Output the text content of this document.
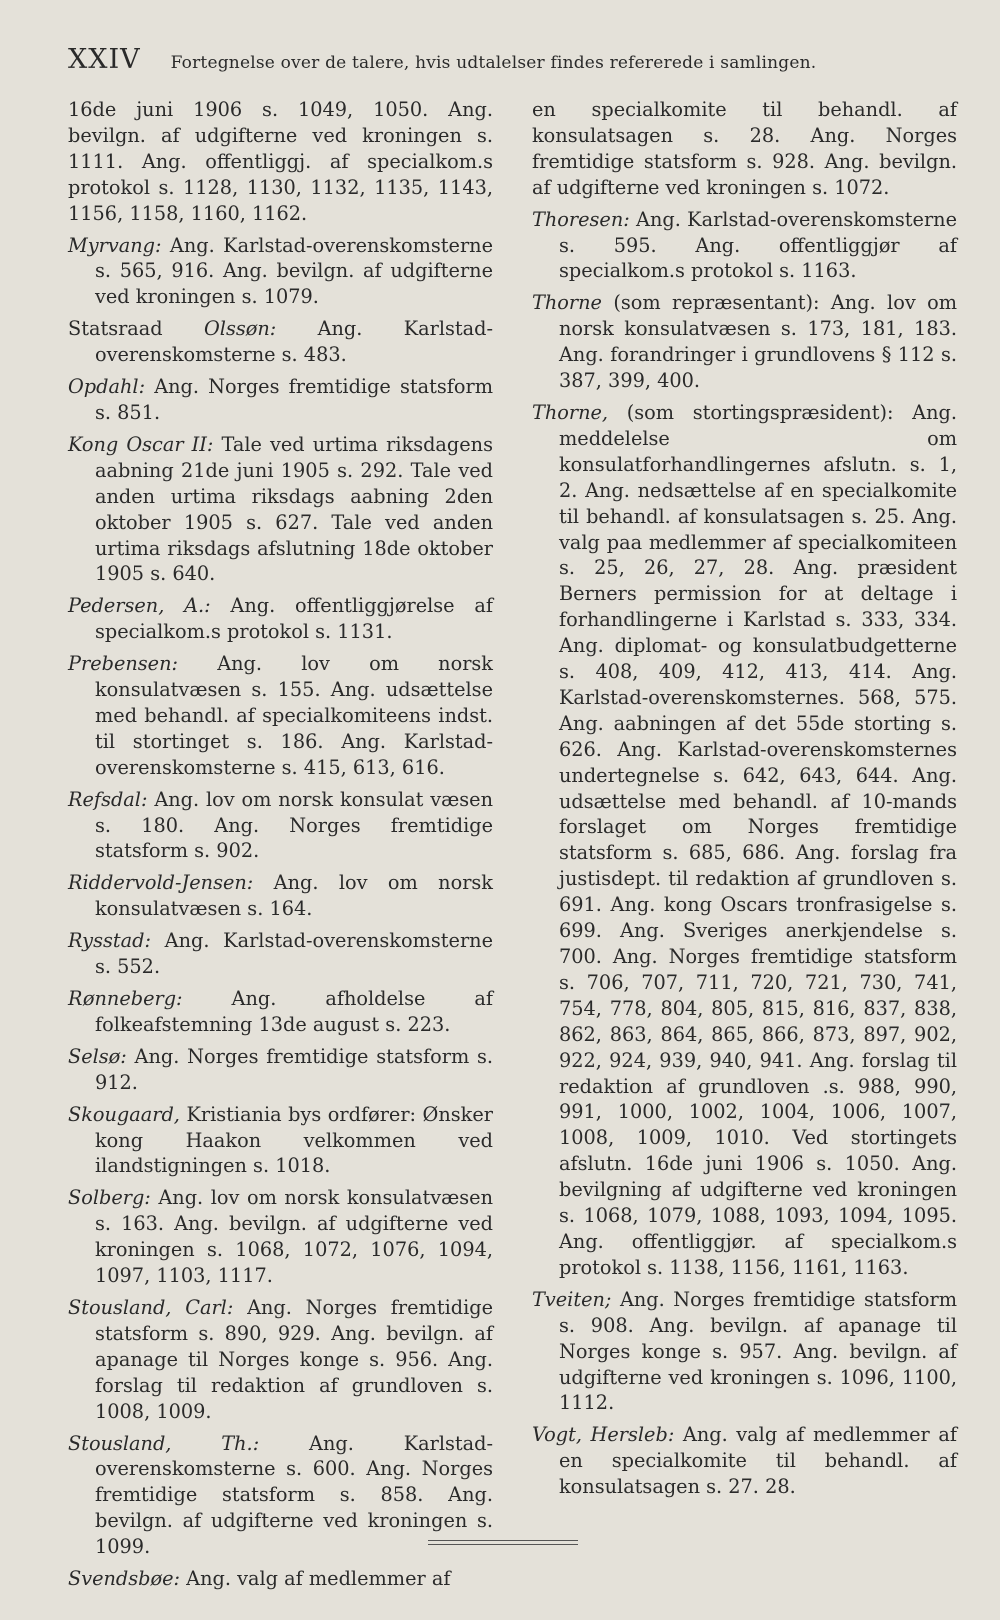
XXIV Fortegnelse over de talere, hvis udtalelser findes refererede i samlingen.

16de juni 1906 s. 1049, 1050. Ang. bevilgn. af udgifterne ved kroningen s. 1111. Ang. offentliggj. af specialkom.s protokol s. 1128, 1130, 1132, 1135, 1143, 1156, 1158, 1160, 1162.

Myrvang: Ang. Karlstad-overenskomsterne s. 565, 916. Ang. bevilgn. af udgifterne ved kroningen s. 1079.

Statsraad Olssøn: Ang. Karlstad-overenskomsterne s. 483.

Opdahl: Ang. Norges fremtidige statsform s. 851.

Kong Oscar II: Tale ved urtima riksdagens aabning 21de juni 1905 s. 292. Tale ved anden urtima riksdags aabning 2den oktober 1905 s. 627. Tale ved anden urtima riksdags afslutning 18de oktober 1905 s. 640.

Pedersen, A.: Ang. offentliggjørelse af specialkom.s protokol s. 1131.

Prebensen: Ang. lov om norsk konsulatvæsen s. 155. Ang. udsættelse med behandl. af specialkomiteens indst. til stortinget s. 186. Ang. Karlstad-overenskomsterne s. 415, 613, 616.

Refsdal: Ang. lov om norsk konsulat væsen s. 180. Ang. Norges fremtidige statsform s. 902.

Riddervold-Jensen: Ang. lov om norsk konsulatvæsen s. 164.

Rysstad: Ang. Karlstad-overenskomsterne s. 552.

Rønneberg: Ang. afholdelse af folkeafstemning 13de august s. 223.

Selsø: Ang. Norges fremtidige statsform s. 912.

Skougaard, Kristiania bys ordfører: Ønsker kong Haakon velkommen ved ilandstigningen s. 1018.

Solberg: Ang. lov om norsk konsulatvæsen s. 163. Ang. bevilgn. af udgifterne ved kroningen s. 1068, 1072, 1076, 1094, 1097, 1103, 1117.

Stousland, Carl: Ang. Norges fremtidige statsform s. 890, 929. Ang. bevilgn. af apanage til Norges konge s. 956. Ang. forslag til redaktion af grundloven s. 1008, 1009.

Stousland, Th.: Ang. Karlstad-overenskomsterne s. 600. Ang. Norges fremtidige statsform s. 858. Ang. bevilgn. af udgifterne ved kroningen s. 1099.

Svendsbøe: Ang. valg af medlemmer af

en specialkomite til behandl. af konsulatsagen s. 28. Ang. Norges fremtidige statsform s. 928. Ang. bevilgn. af udgifterne ved kroningen s. 1072.

Thoresen: Ang. Karlstad-overenskomsterne s. 595. Ang. offentliggjør af specialkom.s protokol s. 1163.

Thorne (som repræsentant): Ang. lov om norsk konsulatvæsen s. 173, 181, 183. Ang. forandringer i grundlovens § 112 s. 387, 399, 400.

Thorne, (som stortingspræsident): Ang. meddelelse om konsulatforhandlingernes afslutn. s. 1, 2. Ang. nedsættelse af en specialkomite til behandl. af konsulatsagen s. 25. Ang. valg paa medlemmer af specialkomiteen s. 25, 26, 27, 28. Ang. præsident Berners permission for at deltage i forhandlingerne i Karlstad s. 333, 334. Ang. diplomat- og konsulatbudgetterne s. 408, 409, 412, 413, 414. Ang. Karlstad-overenskomsternes. 568, 575. Ang. aabningen af det 55de storting s. 626. Ang. Karlstad-overenskomsternes undertegnelse s. 642, 643, 644. Ang. udsættelse med behandl. af 10-mands forslaget om Norges fremtidige statsform s. 685, 686. Ang. forslag fra justisdept. til redaktion af grundloven s. 691. Ang. kong Oscars tronfrasigelse s. 699. Ang. Sveriges anerkjendelse s. 700. Ang. Norges fremtidige statsform s. 706, 707, 711, 720, 721, 730, 741, 754, 778, 804, 805, 815, 816, 837, 838, 862, 863, 864, 865, 866, 873, 897, 902, 922, 924, 939, 940, 941. Ang. forslag til redaktion af grundloven .s. 988, 990, 991, 1000, 1002, 1004, 1006, 1007, 1008, 1009, 1010. Ved stortingets afslutn. 16de juni 1906 s. 1050. Ang. bevilgning af udgifterne ved kroningen s. 1068, 1079, 1088, 1093, 1094, 1095. Ang. offentliggjør. af specialkom.s protokol s. 1138, 1156, 1161, 1163.

Tveiten; Ang. Norges fremtidige statsform s. 908. Ang. bevilgn. af apanage til Norges konge s. 957. Ang. bevilgn. af udgifterne ved kroningen s. 1096, 1100, 1112.

Vogt, Hersleb: Ang. valg af medlemmer af en specialkomite til behandl. af konsulatsagen s. 27. 28.
